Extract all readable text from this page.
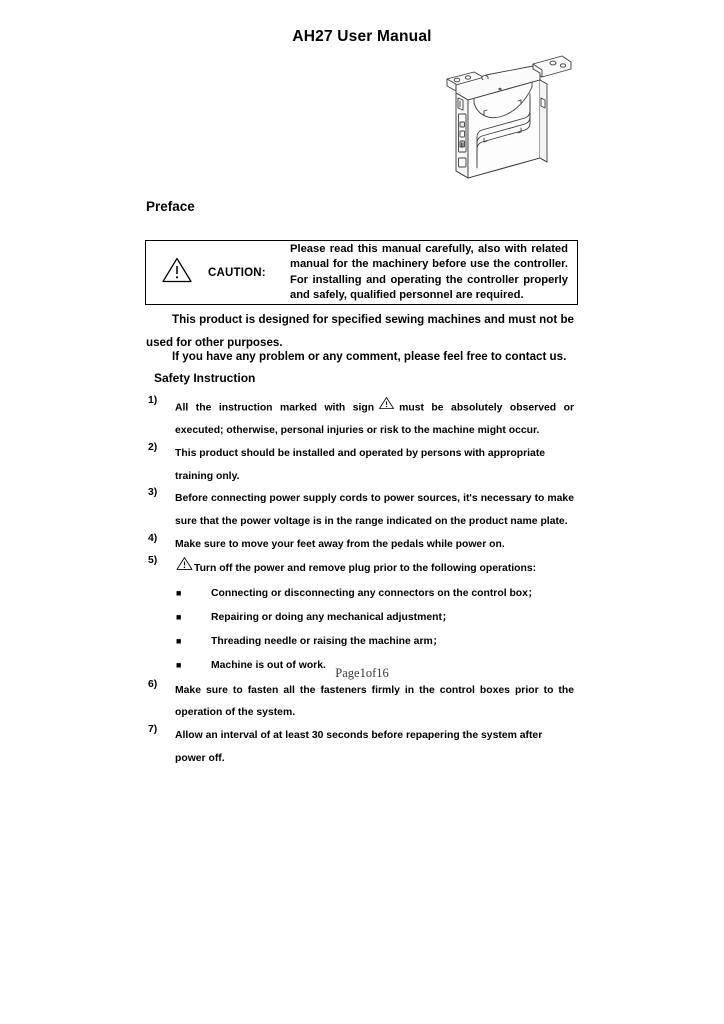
AH27 User Manual
Preface
CAUTION:
Please read this manual carefully, also with related manual for the machinery before use the controller. For installing and operating the controller properly and safely, qualified personnel are required.
This product is designed for specified sewing machines and must not be used for other purposes.
If you have any problem or any comment, please feel free to contact us.
Safety Instruction
1)
All the instruction marked with sign must be absolutely observed or executed; otherwise, personal injuries or risk to the machine might occur.
2)
This product should be installed and operated by persons with appropriate training only.
3)
Before connecting power supply cords to power sources, it's necessary to make sure that the power voltage is in the range indicated on the product name plate.
4)
Make sure to move your feet away from the pedals while power on.
5)
Turn off the power and remove plug prior to the following operations:
■	Connecting or disconnecting any connectors on the control box；
■	Repairing or doing any mechanical adjustment；
■	Threading needle or raising the machine arm；
■	Machine is out of work.
6)
Make sure to fasten all the fasteners firmly in the control boxes prior to the operation of the system.
7)
Allow an interval of at least 30 seconds before repapering the system after power off.
Page1of16
